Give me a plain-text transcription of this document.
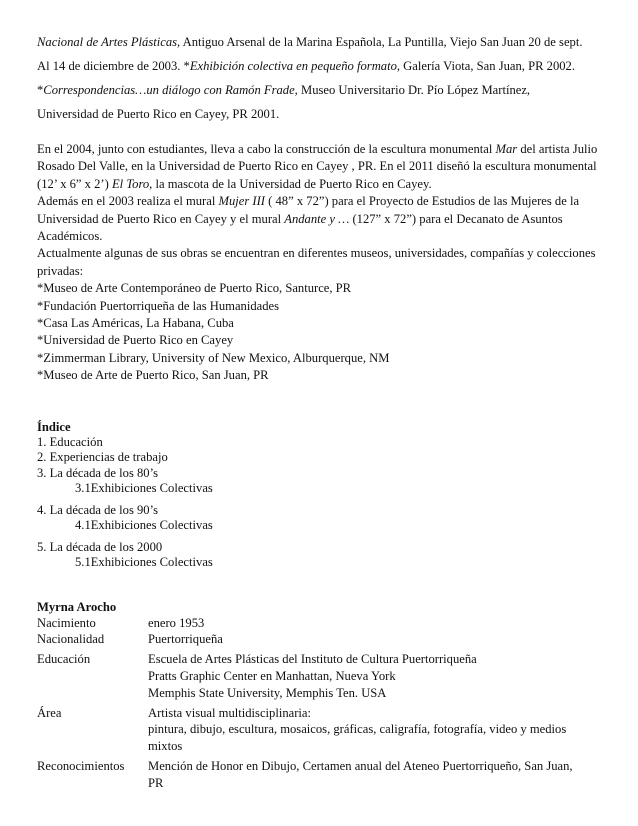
Nacional de Artes Plásticas, Antiguo Arsenal de la Marina Española, La Puntilla, Viejo San Juan 20 de sept.
Al 14 de diciembre de 2003. *Exhibición colectiva en pequeño formato, Galería Viota, San Juan, PR 2002.
*Correspondencias…un diálogo con Ramón Frade, Museo Universitario Dr. Pío López Martínez,
Universidad de Puerto Rico en Cayey, PR 2001.
En el 2004, junto con estudiantes, lleva a cabo la construcción de la escultura monumental Mar del artista Julio Rosado Del Valle, en la Universidad de Puerto Rico en Cayey , PR. En el 2011 diseñó la escultura monumental (12’ x 6” x 2’) El Toro, la mascota de la Universidad de Puerto Rico en Cayey.
Además en el 2003 realiza el mural Mujer III ( 48” x 72”) para el Proyecto de Estudios de las Mujeres de la Universidad de Puerto Rico en Cayey y el mural Andante y … (127” x 72”) para el Decanato de Asuntos Académicos.
Actualmente algunas de sus obras se encuentran en diferentes museos, universidades, compañías y colecciones privadas:
*Museo de Arte Contemporáneo de Puerto Rico, Santurce, PR
*Fundación Puertorriqueña de las Humanidades
*Casa Las Américas, La Habana, Cuba
*Universidad de Puerto Rico en Cayey
*Zimmerman Library, University of New Mexico, Alburquerque, NM
*Museo de Arte de Puerto Rico, San Juan, PR
Índice
1. Educación
2. Experiencias de trabajo
3. La década de los 80’s
3.1Exhibiciones Colectivas
4. La década de los 90’s
4.1Exhibiciones Colectivas
5. La década de los 2000
5.1Exhibiciones Colectivas
Myrna Arocho
Nacimiento	enero 1953
Nacionalidad	Puertorriqueña
Educación	Escuela de Artes Plásticas del Instituto de Cultura Puertorriqueña
Pratts Graphic Center en Manhattan, Nueva York
Memphis State University, Memphis Ten. USA
Área	Artista visual multidisciplinaria:
pintura, dibujo, escultura, mosaicos, gráficas, caligrafía, fotografía, video y medios
mixtos
Reconocimientos	Mención de Honor en Dibujo, Certamen anual del Ateneo Puertorriqueño, San Juan,
PR
